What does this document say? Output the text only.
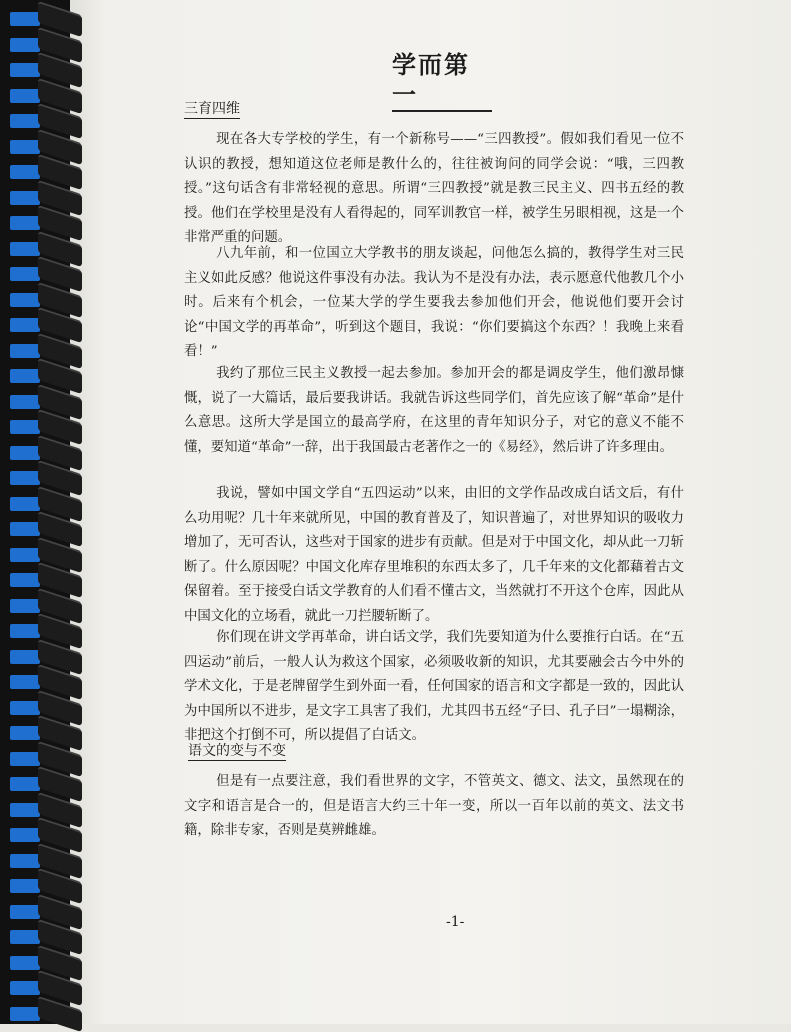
学而第一
三育四维

现在各大专学校的学生，有一个新称号——“三四教授”。假如我们看见一位不认识的教授，想知道这位老师是教什么的，往往被询问的同学会说：“哦，三四教授。”这句话含有非常轻视的意思。所谓“三四教授”就是教三民主义、四书五经的教授。他们在学校里是没有人看得起的，同军训教官一样，被学生另眼相视，这是一个非常严重的问题。

八九年前，和一位国立大学教书的朋友谈起，问他怎么搞的，教得学生对三民主义如此反感？他说这件事没有办法。我认为不是没有办法，表示愿意代他教几个小时。后来有个机会，一位某大学的学生要我去参加他们开会，他说他们要开会讨论“中国文学的再革命”，听到这个题目，我说：“你们要搞这个东西？！我晚上来看看！”

我约了那位三民主义教授一起去参加。参加开会的都是调皮学生，他们激昂慷慨，说了一大篇话，最后要我讲话。我就告诉这些同学们，首先应该了解“革命”是什么意思。这所大学是国立的最高学府，在这里的青年知识分子，对它的意义不能不懂，要知道“革命”一辞，出于我国最古老著作之一的《易经》，然后讲了许多理由。

我说，譬如中国文学自“五四运动”以来，由旧的文学作品改成白话文后，有什么功用呢？几十年来就所见，中国的教育普及了，知识普遍了，对世界知识的吸收力增加了，无可否认，这些对于国家的进步有贡献。但是对于中国文化，却从此一刀斩断了。什么原因呢？中国文化库存里堆积的东西太多了，几千年来的文化都藉着古文保留着。至于接受白话文学教育的人们看不懂古文，当然就打不开这个仓库，因此从中国文化的立场看，就此一刀拦腰斩断了。

你们现在讲文学再革命，讲白话文学，我们先要知道为什么要推行白话。在“五四运动”前后，一般人认为救这个国家，必须吸收新的知识，尤其要融会古今中外的学术文化，于是老牌留学生到外面一看，任何国家的语言和文字都是一致的，因此认为中国所以不进步，是文字工具害了我们，尤其四书五经“子曰、孔子曰”一塌糊涂，非把这个打倒不可，所以提倡了白话文。

语文的变与不变

但是有一点要注意，我们看世界的文字，不管英文、德文、法文，虽然现在的文字和语言是合一的，但是语言大约三十年一变，所以一百年以前的英文、法文书籍，除非专家，否则是莫辨雌雄。

-1-
